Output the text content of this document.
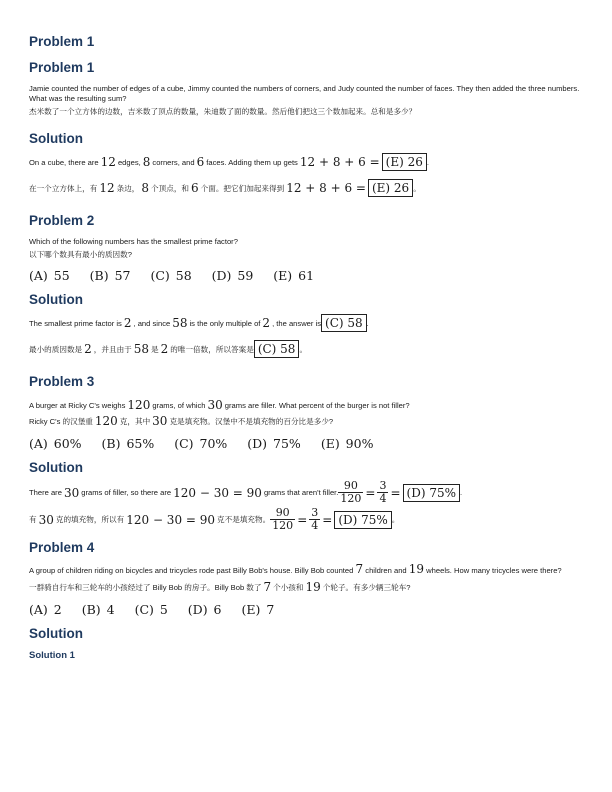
Problem 1
Problem 1

Jamie counted the number of edges of a cube, Jimmy counted the numbers of corners, and Judy counted the number of faces. They then added the three numbers. What was the resulting sum?

杰米数了一个立方体的边数，吉米数了顶点的数量，朱迪数了面的数量。然后他们把这三个数加起来。总和是多少？

Solution
On a cube, there are 12 edges, 8 corners, and 6 faces. Adding them up gets 12 + 8 + 6 = (E) 26 .
在一个立方体上，有 12 条边， 8 个顶点，和 6 个面。把它们加起来得到 12 + 8 + 6 = (E) 26 。
Problem 2

Which of the following numbers has the smallest prime factor?

以下哪个数具有最小的质因数?

(A) 55 (B) 57 (C) 58 (D) 59 (E) 61
Solution
The smallest prime factor is 2 , and since 58 is the only multiple of 2 , the answer is (C) 58 .
最小的质因数是 2 ，并且由于 58 是 2 的唯一倍数，所以答案是 (C) 58 。
Problem 3
A burger at Ricky C's weighs 120 grams, of which 30 grams are filler. What percent of the burger is not filler?
Ricky C's 的汉堡重 120 克，其中 30 克是填充物。汉堡中不是填充物的百分比是多少?
(A) 60% (B) 65% (C) 70% (D) 75% (E) 90%
Solution
There are 30 grams of filler, so there are 120 − 30 = 90 grams that aren't filler. $\frac{90}{120} = \frac{3}{4} = (D)$ 75% .
有 30 克的填充物，所以有 120 − 30 = 90 克不是填充物。 $\frac{90}{120} = \frac{3}{4} = (D)$ 75% 。
Problem 4

A group of children riding on bicycles and tricycles rode past Billy Bob's house. Billy Bob counted 7 children and 19 wheels. How many tricycles were there?

一群骑自行车和三轮车的小孩经过了 Billy Bob 的房子。Billy Bob 数了 7 个小孩和 19 个轮子。有多少辆三轮车?
(A) 2 (B) 4 (C) 5 (D) 6 (E) 7
Solution
Solution 1
